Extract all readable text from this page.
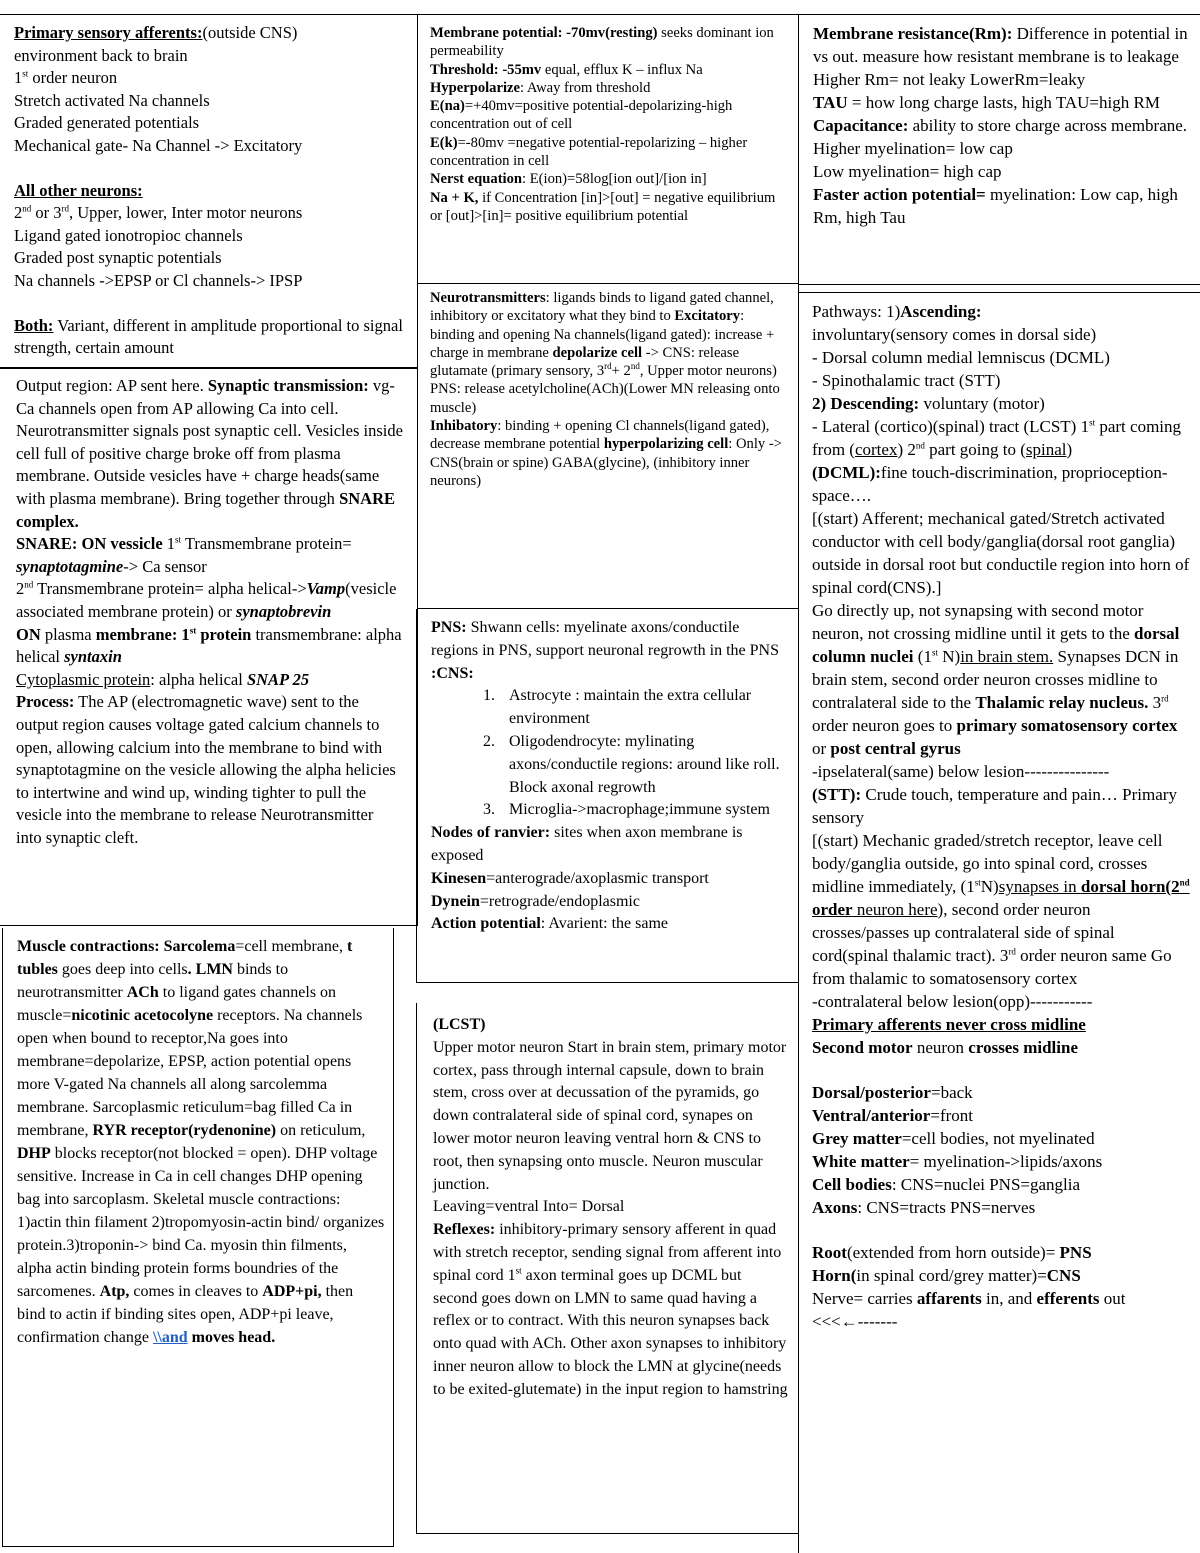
Primary sensory afferents:(outside CNS)

environment back to brain

1st order neuron

Stretch activated Na channels

Graded generated potentials

Mechanical gate- Na Channel -> Excitatory

All other neurons:

2nd or 3rd, Upper, lower, Inter motor neurons

Ligand gated ionotropioc channels

Graded post synaptic potentials

Na channels ->EPSP or Cl channels-> IPSP

Both: Variant, different in amplitude proportional to signal strength, certain amount

Output region: AP sent here. Synaptic transmission: vg- Ca channels open from AP allowing Ca into cell. Neurotransmitter signals post synaptic cell. Vesicles inside cell full of positive charge broke off from plasma membrane. Outside vesicles have + charge heads(same with plasma membrane). Bring together through SNARE complex.

SNARE: ON vessicle 1st Transmembrane protein= synaptotagmine-> Ca sensor

2nd Transmembrane protein= alpha helical->Vamp(vesicle associated membrane protein) or synaptobrevin

ON plasma membrane: 1st protein transmembrane: alpha helical syntaxin

Cytoplasmic protein: alpha helical SNAP 25

Process: The AP (electromagnetic wave) sent to the output region causes voltage gated calcium channels to open, allowing calcium into the membrane to bind with synaptotagmine on the vesicle allowing the alpha helicies to intertwine and wind up, winding tighter to pull the vesicle into the membrane to release Neurotransmitter into synaptic cleft.

Muscle contractions: Sarcolema=cell membrane, t tubles goes deep into cells. LMN binds to neurotransmitter ACh to ligand gates channels on muscle=nicotinic acetocolyne receptors. Na channels open when bound to receptor,Na goes into membrane=depolarize, EPSP, action potential opens more V-gated Na channels all along sarcolemma membrane. Sarcoplasmic reticulum=bag filled Ca in membrane, RYR receptor(rydenonine) on reticulum, DHP blocks receptor(not blocked = open). DHP voltage sensitive. Increase in Ca in cell changes DHP opening bag into sarcoplasm. Skeletal muscle contractions: 1)actin thin filament 2)tropomyosin-actin bind/ organizes protein.3)troponin-> bind Ca. myosin thin filments, alpha actin binding protein forms boundries of the sarcomenes. Atp, comes in cleaves to ADP+pi, then bind to actin if binding sites open, ADP+pi leave, confirmation change \\and moves head.

Membrane potential: -70mv(resting) seeks dominant ion permeability

Threshold: -55mv equal, efflux K – influx Na

Hyperpolarize: Away from threshold

E(na)=+40mv=positive potential-depolarizing-high concentration out of cell

E(k)=-80mv =negative potential-repolarizing – higher concentration in cell

Nerst equation: E(ion)=58log[ion out]/[ion in]

Na + K, if Concentration [in]>[out] = negative equilibrium or [out]>[in]= positive equilibrium potential

Neurotransmitters: ligands binds to ligand gated channel, inhibitory or excitatory what they bind to Excitatory: binding and opening Na channels(ligand gated): increase + charge in membrane depolarize cell -> CNS: release glutamate (primary sensory, 3rd+ 2nd, Upper motor neurons) PNS: release acetylcholine(ACh)(Lower MN releasing onto muscle)

Inhibatory: binding + opening Cl channels(ligand gated), decrease membrane potential hyperpolarizing cell: Only -> CNS(brain or spine) GABA(glycine), (inhibitory inner neurons)

PNS: Shwann cells: myelinate axons/conductile regions in PNS, support neuronal regrowth in the PNS

:CNS:

1. Astrocyte : maintain the extra cellular environment
2. Oligodendrocyte: mylinating axons/conductile regions: around like roll. Block axonal regrowth
3. Microglia->macrophage;immune system

Nodes of ranvier: sites when axon membrane is exposed

Kinesen=anterograde/axoplasmic transport

Dynein=retrograde/endoplasmic

Action potential: Avarient: the same

(LCST)

Upper motor neuron Start in brain stem, primary motor cortex, pass through internal capsule, down to brain stem, cross over at decussation of the pyramids, go down contralateral side of spinal cord, synapes on lower motor neuron leaving ventral horn & CNS to root, then synapsing onto muscle. Neuron muscular junction.

Leaving=ventral Into= Dorsal

Reflexes: inhibitory-primary sensory afferent in quad with stretch receptor, sending signal from afferent into spinal cord 1st axon terminal goes up DCML but second goes down on LMN to same quad having a reflex or to contract. With this neuron synapses back onto quad with ACh. Other axon synapses to inhibitory inner neuron allow to block the LMN at glycine(needs to be exited-glutemate) in the input region to hamstring

Membrane resistance(Rm): Difference in potential in vs out. measure how resistant membrane is to leakage

Higher Rm= not leaky LowerRm=leaky

TAU = how long charge lasts, high TAU=high RM

Capacitance: ability to store charge across membrane. Higher myelination= low cap

Low myelination= high cap

Faster action potential= myelination: Low cap, high Rm, high Tau

Pathways: 1)Ascending:

involuntary(sensory comes in dorsal side)

- Dorsal column medial lemniscus (DCML)

- Spinothalamic tract (STT)

2) Descending: voluntary (motor)

- Lateral (cortico)(spinal) tract (LCST) 1st part coming from (cortex) 2nd part going to (spinal)

(DCML):fine touch-discrimination, proprioception-space….

[(start) Afferent; mechanical gated/Stretch activated conductor with cell body/ganglia(dorsal root ganglia) outside in dorsal root but conductile region into horn of spinal cord(CNS).]

Go directly up, not synapsing with second motor neuron, not crossing midline until it gets to the dorsal column nuclei (1st N)in brain stem. Synapses DCN in brain stem, second order neuron crosses midline to contralateral side to the Thalamic relay nucleus. 3rd order neuron goes to primary somatosensory cortex or post central gyrus

-ipselateral(same) below lesion---------------

(STT): Crude touch, temperature and pain… Primary sensory

[(start) Mechanic graded/stretch receptor, leave cell body/ganglia outside, go into spinal cord, crosses midline immediately, (1stN)synapses in dorsal horn(2nd order neuron here), second order neuron crosses/passes up contralateral side of spinal cord(spinal thalamic tract). 3rd order neuron same Go from thalamic to somatosensory cortex

-contralateral below lesion(opp)-----------

Primary afferents never cross midline

Second motor neuron crosses midline

Dorsal/posterior=back

Ventral/anterior=front

Grey matter=cell bodies, not myelinated

White matter= myelination->lipids/axons

Cell bodies: CNS=nuclei PNS=ganglia

Axons: CNS=tracts PNS=nerves

Root(extended from horn outside)= PNS

Horn(in spinal cord/grey matter)=CNS

Nerve= carries affarents in, and efferents out

<<<←-------
